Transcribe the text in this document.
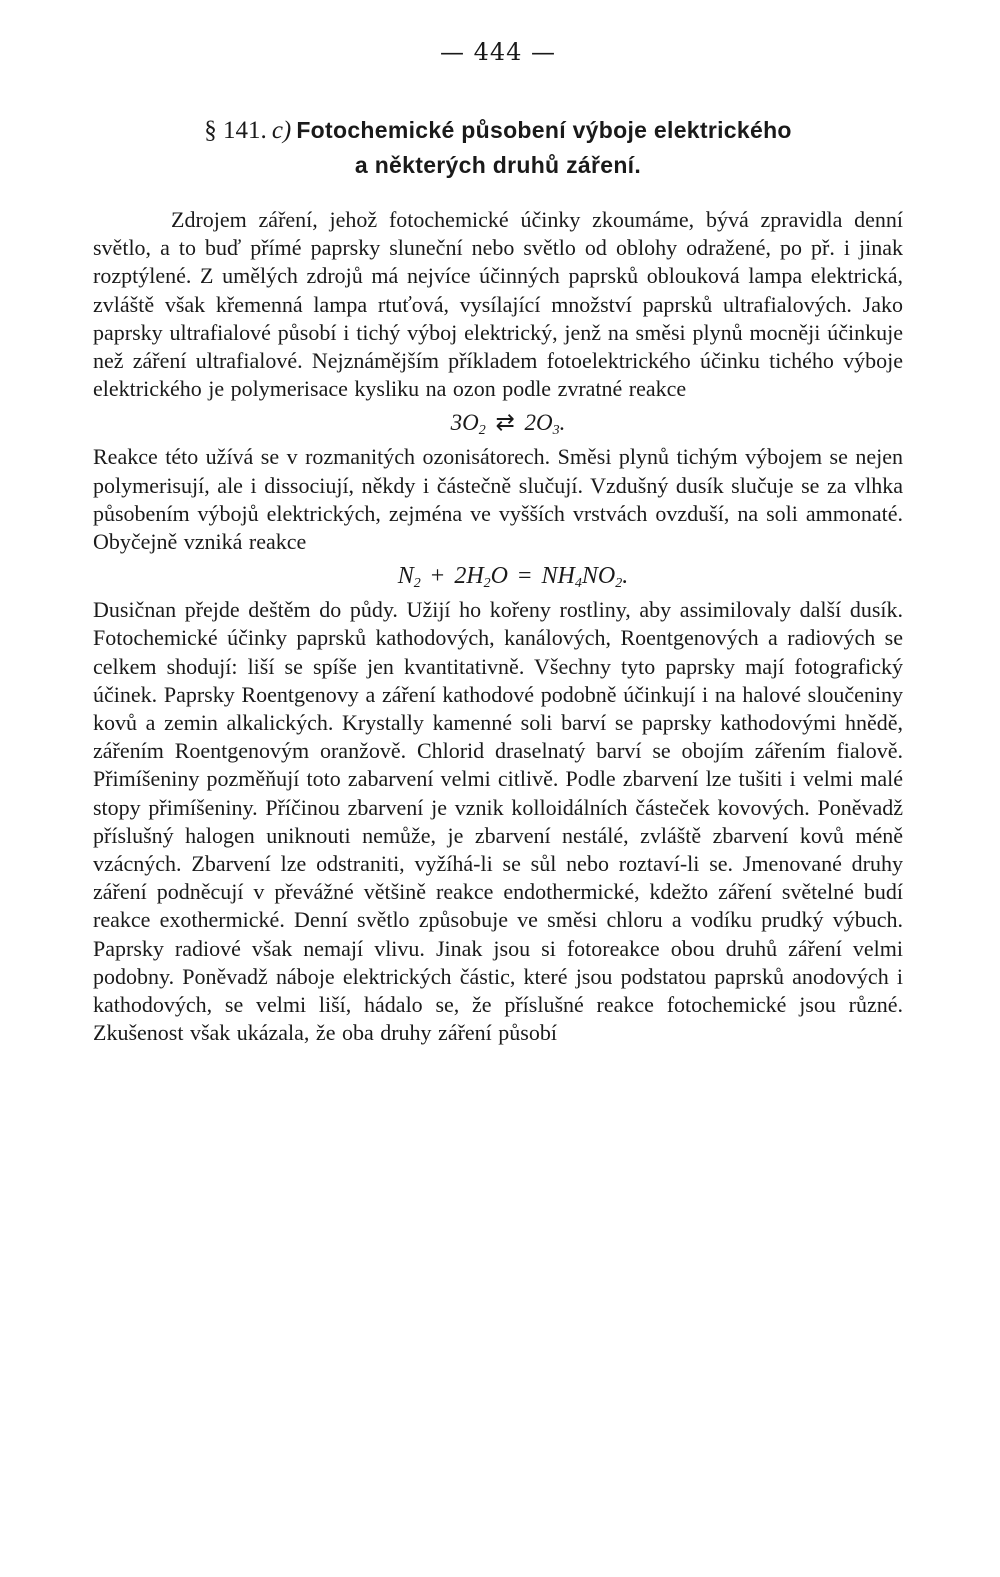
— 444 —
§ 141. c) Fotochemické působení výboje elektrického
a některých druhů záření.

Zdrojem záření, jehož fotochemické účinky zkoumáme, bývá zpravidla denní světlo, a to buď přímé paprsky sluneční nebo světlo od oblohy odražené, po př. i jinak rozptýlené. Z umělých zdrojů má nejvíce účinných paprsků oblouková lampa elektrická, zvláště však křemenná lampa rtuťová, vysílající množství paprsků ultrafialových. Jako paprsky ultrafialové působí i tichý výboj elektrický, jenž na směsi plynů mocněji účinkuje než záření ultrafialové. Nejznámějším příkladem fotoelektrického účinku tichého výboje elektrického je polymerisace kysliku na ozon podle zvratné reakce

$3O_2$ ⇄ $2O_3$.

Reakce této užívá se v rozmanitých ozonisátorech. Směsi plynů tichým výbojem se nejen polymerisují, ale i dissociují, někdy i částečně slučují. Vzdušný dusík slučuje se za vlhka působením výbojů elektrických, zejména ve vyšších vrstvách ovzduší, na soli ammonaté. Obyčejně vzniká reakce

$N_2 + 2H_2O = NH_4NO_2$.

Dusičnan přejde deštěm do půdy. Užijí ho kořeny rostliny, aby assimilovaly další dusík. Fotochemické účinky paprsků kathodových, kanálových, Roentgenových a radiových se celkem shodují: liší se spíše jen kvantitativně. Všechny tyto paprsky mají fotografický účinek. Paprsky Roentgenovy a záření kathodové podobně účinkují i na halové sloučeniny kovů a zemin alkalických. Krystally kamenné soli barví se paprsky kathodovými hnědě, zářením Roentgenovým oranžově. Chlorid draselnatý barví se obojím zářením fialově. Přimíšeniny pozměňují toto zabarvení velmi citlivě. Podle zbarvení lze tušiti i velmi malé stopy přimíšeniny. Příčinou zbarvení je vznik kolloidálních částeček kovových. Poněvadž příslušný halogen uniknouti nemůže, je zbarvení nestálé, zvláště zbarvení kovů méně vzácných. Zbarvení lze odstraniti, vyžíhá-li se sůl nebo roztaví-li se. Jmenované druhy záření podněcují v převážné většině reakce endothermické, kdežto záření světelné budí reakce exothermické. Denní světlo způsobuje ve směsi chloru a vodíku prudký výbuch. Paprsky radiové však nemají vlivu. Jinak jsou si fotoreakce obou druhů záření velmi podobny. Poněvadž náboje elektrických částic, které jsou podstatou paprsků anodových i kathodových, se velmi liší, hádalo se, že příslušné reakce fotochemické jsou různé. Zkušenost však ukázala, že oba druhy záření působí
